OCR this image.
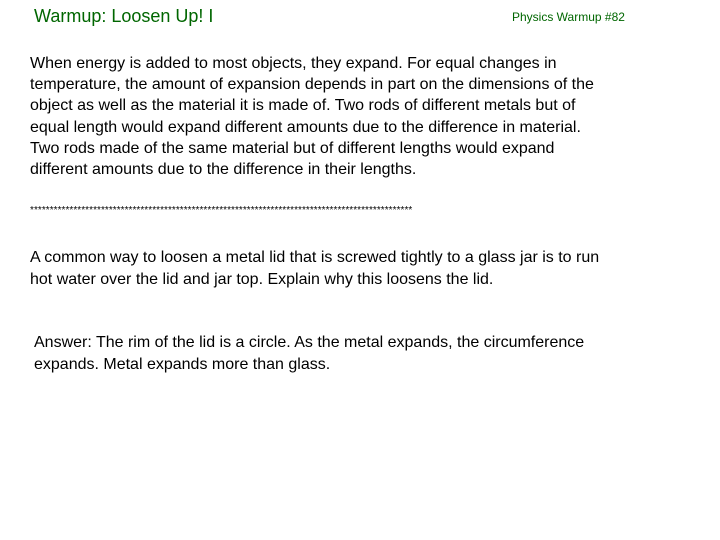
Warmup: Loosen Up! I	Physics Warmup #82

When energy is added to most objects, they expand. For equal changes in

temperature, the amount of expansion depends in part on the dimensions of the

object as well as the material it is made of. Two rods of different metals but of

equal length would expand different amounts due to the difference in material.

Two rods made of the same material but of different lengths would expand

different amounts due to the difference in their lengths.

*************************************************************************************************

A common way to loosen a metal lid that is screwed tightly to a glass jar is to run

hot water over the lid and jar top. Explain why this loosens the lid.

Answer: The rim of the lid is a circle. As the metal expands, the circumference

expands. Metal expands more than glass.
